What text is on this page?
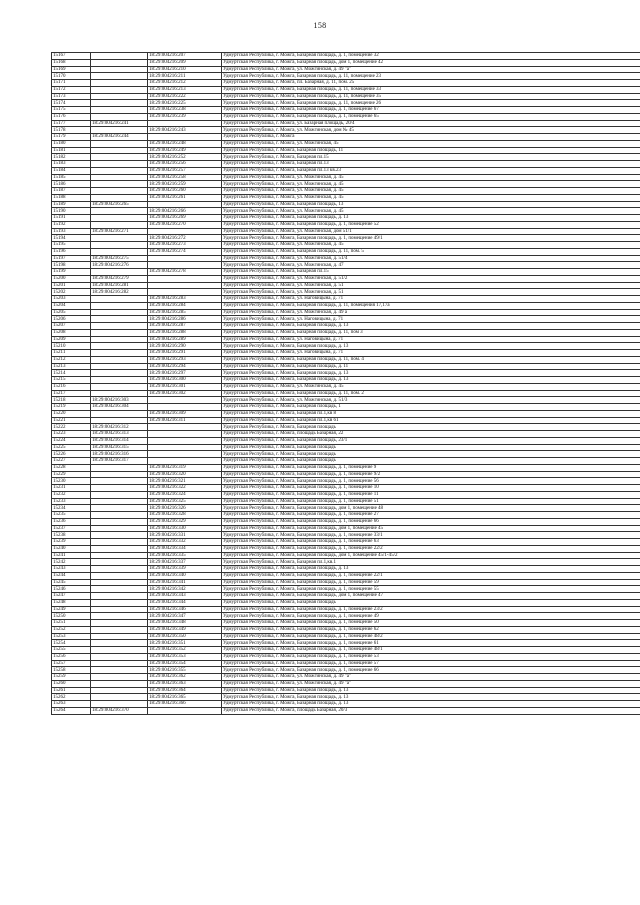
158
15167		18:29:004216:207	Удмуртская Республика, г. Можга, Базарная площадь, д. 1, помещение 32
15168		18:29:004216:209	Удмуртская Республика, г. Можга, Базарная площадь, дом 1, помещение 42
15169		18:29:004216:210	Удмуртская Республика, г. Можга, ул. Можгинская, д. 49 "а"
15170		18:29:004216:211	Удмуртская Республика, г. Можга, Базарная площадь, д. 11, помещение 23
15171		18:29:004216:212	Удмуртская Республика, г. Можга, пл. Базарная, д. 11, пом. 25
15172		18:29:004216:213	Удмуртская Республика, г. Можга, Базарная площадь, д. 11, помещение 33
15173		18:29:004216:222	Удмуртская Республика, г. Можга, Базарная площадь, д. 11, помещение 35
15174		18:29:004216:225	Удмуртская Республика, г. Можга, Базарная площадь, д. 11, помещение 26
15175		18:29:004216:238	Удмуртская Республика, г. Можга, Базарная площадь, д. 1, помещение 67
15176		18:29:004216:239	Удмуртская Республика, г. Можга, Базарная площадь, д. 1, помещение 65
15177	18:29:004216:241		Удмуртская Республика, г. Можга, ул. Базарная площадь, 20/4
15178		18:29:004216:243	Удмуртская Республика, г. Можга, ул. Можгинская, дом № 45
15179	18:29:004216:244		Удмуртская Республика, г. Можга
15180		18:29:004216:248	Удмуртская Республика, г. Можга, ул. Можгинская, 45
15181		18:29:004216:249	Удмуртская Республика, г. Можга, Базарная площадь, 11
15182		18:29:004216:252	Удмуртская Республика, г. Можга, Базарная пл.15
15183		18:29:004216:256	Удмуртская Республика, г. Можга, Базарная пл.13
15184		18:29:004216:257	Удмуртская Республика, г. Можга, Базарная пл.13 кв.23
15185		18:29:004216:258	Удмуртская Республика, г. Можга, ул. Можгинская, д. 45
15186		18:29:004216:259	Удмуртская Республика, г. Можга, ул. Можгинская, д. 45
15187		18:29:004216:260	Удмуртская Республика, г. Можга, ул. Можгинская, д. 45
15188		18:29:004216:261	Удмуртская Республика, г. Можга, ул. Можгинская, д. 45
15189	18:29:004216:265		Удмуртская Республика, г. Можга, Базарная площадь, 13
15190		18:29:004216:266	Удмуртская Республика, г. Можга, ул. Можгинская, д. 45
15191		18:29:004216:269	Удмуртская Республика, г. Можга, Базарная площадь, д. 13
15192		18:29:004216:270	Удмуртская Республика, г. Можга, Базарная площадь, д. 1, помещение 52
15193	18:29:004216:271		Удмуртская Республика, г. Можга, ул. Можгинская, дом 51/1
15194		18:29:004216:272	Удмуртская Республика, г. Можга, Базарная площадь, д. 1, помещение 49/1
15195		18:29:004216:273	Удмуртская Республика, г. Можга, ул. Можгинская, д. 45
15196		18:29:004216:274	Удмуртская Республика, г. Можга, Базарная площадь, д. 11, пом. 5
15197	18:29:004216:275		Удмуртская Республика, г. Можга, ул. Можгинская, д. 51/4
15198	18:29:004216:276		Удмуртская Республика, г. Можга, ул. Можгинская, д. 47
15199		18:29:004216:278	Удмуртская Республика, г. Можга, Базарная пл.15
15200	18:29:004216:279		Удмуртская Республика, г. Можга, ул. Можгинская, д. 51/2
15201	18:29:004216:281		Удмуртская Республика, г. Можга, ул. Можгинская, д. 51
15202	18:29:004216:282		Удмуртская Республика, г. Можга, ул. Можгинская, д. 51
15203		18:29:004216:283	Удмуртская Республика, г. Можга, ул. Наговицына, д. 71
15204		18:29:004216:284	Удмуртская Республика, г. Можга, Базарная площадь, д. 11, помещения 17,17а
15205		18:29:004216:285	Удмуртская Республика, г. Можга, ул. Можгинская, д. 49 а
15206		18:29:004216:286	Удмуртская Республика, г. Можга, ул. Наговицына, д. 71
15207		18:29:004216:287	Удмуртская Республика, г. Можга, Базарная площадь, д. 13
15208		18:29:004216:288	Удмуртская Республика, г. Можга, Базарная площадь, д. 11, пом 3
15209		18:29:004216:289	Удмуртская Республика, г. Можга, ул. Наговицына, д. 71
15210		18:29:004216:290	Удмуртская Республика, г. Можга, Базарная площадь, д. 13
15211		18:29:004216:291	Удмуртская Республика, г. Можга, ул. Наговицына, д. 71
15212		18:29:004216:293	Удмуртская Республика, г. Можга, Базарная площадь, д. 11, пом. 4
15213		18:29:004216:294	Удмуртская Республика, г. Можга, Базарная площадь, д. 11
15214		18:29:004216:297	Удмуртская Республика, г. Можга, Базарная площадь, д. 13
15215		18:29:004216:300	Удмуртская Республика, г. Можга, Базарная площадь, д. 13
15216		18:29:004216:301	Удмуртская Республика, г. Можга, ул. Можгинская, д. 45
15217		18:29:004216:302	Удмуртская Республика, г. Можга, Базарная площадь, д. 11, пом. 2
15218	18:29:004216:303		Удмуртская Республика, г. Можга, ул. Можгинская, д. 51/3
15219	18:29:004216:304		Удмуртская Республика, г. Можга, Базарная площадь, 1
15220		18:29:004216:309	Удмуртская Республика, г. Можга, Базарная пл.1,кв 8
15221		18:29:004216:311	Удмуртская Республика, г. Можга, Базарная пл.1,кв 61
15222	18:29:004216:312		Удмуртская Республика, г. Можга, Базарная площадь
15223	18:29:004216:313		Удмуртская Республика, г. Можга, площадь Базарная, 22
15224	18:29:004216:314		Удмуртская Республика, г. Можга, Базарная площадь, 23/1
15225	18:29:004216:315		Удмуртская Республика, г. Можга, Базарная площадь
15226	18:29:004216:316		Удмуртская Республика, г. Можга, Базарная площадь
15227	18:29:004216:317		Удмуртская Республика, г. Можга, Базарная площадь
15228		18:29:004216:319	Удмуртская Республика, г. Можга, Базарная площадь, д. 1, помещение 9
15229		18:29:004216:320	Удмуртская Республика, г. Можга, Базарная площадь, д. 1, помещение 9/2
15230		18:29:004216:321	Удмуртская Республика, г. Можга, Базарная площадь, д. 1, помещение 56
15231		18:29:004216:322	Удмуртская Республика, г. Можга, Базарная площадь, д. 1, помещение 10
15232		18:29:004216:324	Удмуртская Республика, г. Можга, Базарная площадь, д. 1, помещение 11
15233		18:29:004216:325	Удмуртская Республика, г. Можга, Базарная площадь, д. 1, помещение 51
15234		18:29:004216:326	Удмуртская Республика, г. Можга, Базарная площадь, дом 1, помещение 48
15235		18:29:004216:328	Удмуртская Республика, г. Можга, Базарная площадь, д. 1, помещение 27
15236		18:29:004216:329	Удмуртская Республика, г. Можга, Базарная площадь, д. 1, помещение 66
15237		18:29:004216:330	Удмуртская Республика, г. Можга, Базарная площадь, дом 1, помещение 45
15238		18:29:004216:331	Удмуртская Республика, г. Можга, Базарная площадь, д. 1, помещение 33/1
15239		18:29:004216:332	Удмуртская Республика, г. Можга, Базарная площадь, д. 1, помещение 63
15240		18:29:004216:334	Удмуртская Республика, г. Можга, Базарная площадь, д. 1, помещение 22/2
15241		18:29:004216:335	Удмуртская Республика, г. Можга, Базарная площадь, дом 1, помещение 45/1-45/2
15242		18:29:004216:337	Удмуртская Республика, г. Можга, Базарная пл.1,кв.1
15243		18:29:004216:339	Удмуртская Республика, г. Можга, Базарная площадь, д. 13
15244		18:29:004216:340	Удмуртская Республика, г. Можга, Базарная площадь, д. 1, помещение 22/1
15245		18:29:004216:341	Удмуртская Республика, г. Можга, Базарная площадь, д. 1, помещение 59
15246		18:29:004216:342	Удмуртская Республика, г. Можга, Базарная площадь, д. 1, помещение 55
15247		18:29:004216:343	Удмуртская Республика, г. Можга, Базарная площадь, дом 1, помещение 47
15248		18:29:004216:344	Удмуртская Республика, г. Можга, Базарная площадь
15249		18:29:004216:346	Удмуртская Республика, г. Можга, Базарная площадь, д. 1, помещение 23/2
15250		18:29:004216:347	Удмуртская Республика, г. Можга, Базарная площадь, д. 1, помещение 49
15251		18:29:004216:348	Удмуртская Республика, г. Можга, Базарная площадь, д. 1, помещение 50
15252		18:29:004216:349	Удмуртская Республика, г. Можга, Базарная площадь, д. 1, помещение 62
15253		18:29:004216:350	Удмуртская Республика, г. Можга, Базарная площадь, д. 1, помещение 48/2
15254		18:29:004216:351	Удмуртская Республика, г. Можга, Базарная площадь, д. 1, помещение 61
15255		18:29:004216:352	Удмуртская Республика, г. Можга, Базарная площадь, д. 1, помещение 48/1
15256		18:29:004216:353	Удмуртская Республика, г. Можга, Базарная площадь, д. 1, помещение 53
15257		18:29:004216:354	Удмуртская Республика, г. Можга, Базарная площадь, д. 1, помещение 57
15258		18:29:004216:355	Удмуртская Республика, г. Можга, Базарная площадь, д. 1, помещение 66
15259		18:29:004216:362	Удмуртская Республика, г. Можга, ул. Можгинская, д. 49 "а"
15260		18:29:004216:363	Удмуртская Республика, г. Можга, ул. Можгинская, д. 49 "а"
15261		18:29:004216:364	Удмуртская Республика, г. Можга, Базарная площадь, д. 13
15262		18:29:004216:365	Удмуртская Республика, г. Можга, Базарная площадь, д. 13
15263		18:29:004216:366	Удмуртская Республика, г. Можга, Базарная площадь, д. 13
15264	18:29:004216:370		Удмуртская Республика, г. Можга, площадь Базарная, 20/3
